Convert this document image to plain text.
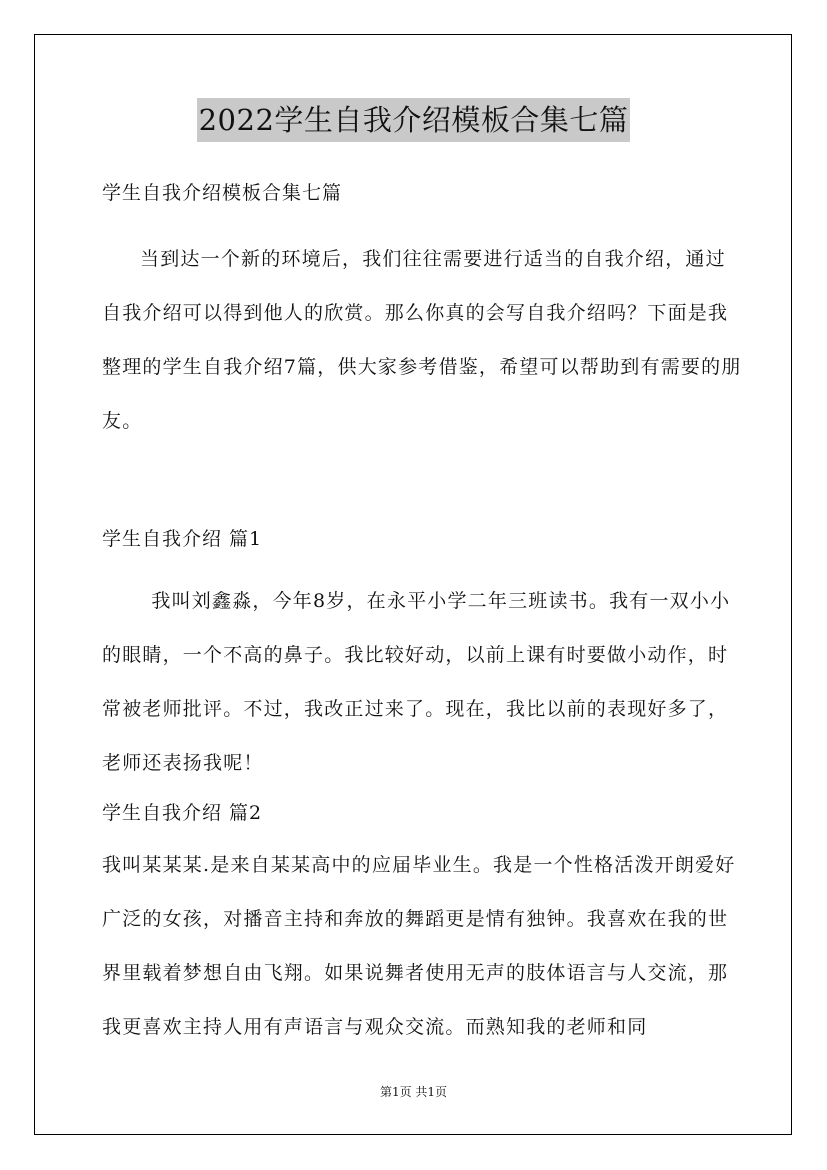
2022学生自我介绍模板合集七篇

学生自我介绍模板合集七篇

当到达一个新的环境后，我们往往需要进行适当的自我介绍，通过自我介绍可以得到他人的欣赏。那么你真的会写自我介绍吗？下面是我整理的学生自我介绍7篇，供大家参考借鉴，希望可以帮助到有需要的朋友。

学生自我介绍 篇1

我叫刘鑫淼，今年8岁，在永平小学二年三班读书。我有一双小小的眼睛，一个不高的鼻子。我比较好动，以前上课有时要做小动作，时常被老师批评。不过，我改正过来了。现在，我比以前的表现好多了，老师还表扬我呢！

学生自我介绍 篇2

我叫某某某.是来自某某高中的应届毕业生。我是一个性格活泼开朗爱好广泛的女孩，对播音主持和奔放的舞蹈更是情有独钟。我喜欢在我的世界里载着梦想自由飞翔。如果说舞者使用无声的肢体语言与人交流，那我更喜欢主持人用有声语言与观众交流。而熟知我的老师和同

第1页 共1页
